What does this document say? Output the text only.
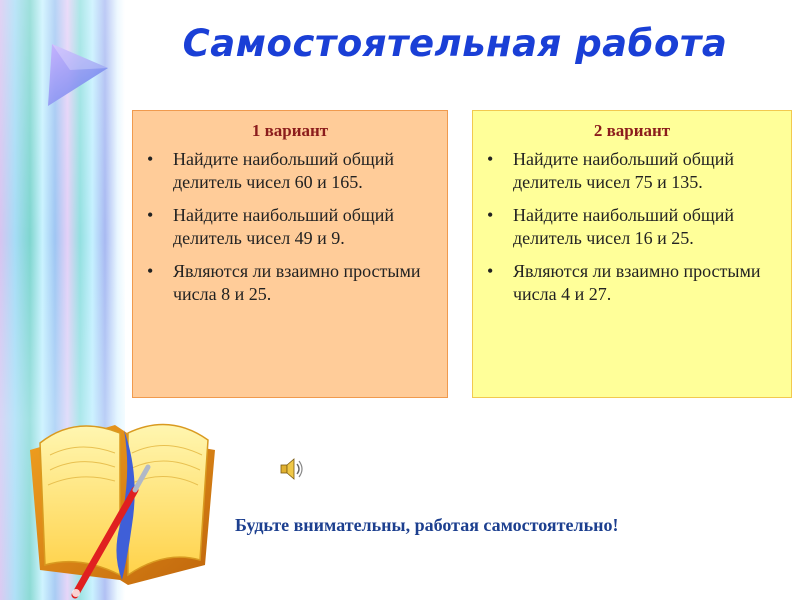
Самостоятельная работа
1 вариант
• Найдите наибольший общий делитель чисел 60 и 165.
• Найдите наибольший общий делитель чисел 49 и 9.
• Являются ли взаимно простыми числа 8 и 25.
2 вариант
• Найдите наибольший общий делитель чисел 75 и 135.
• Найдите наибольший общий делитель чисел 16 и 25.
• Являются ли взаимно простыми числа 4 и 27.
Будьте внимательны, работая самостоятельно!
